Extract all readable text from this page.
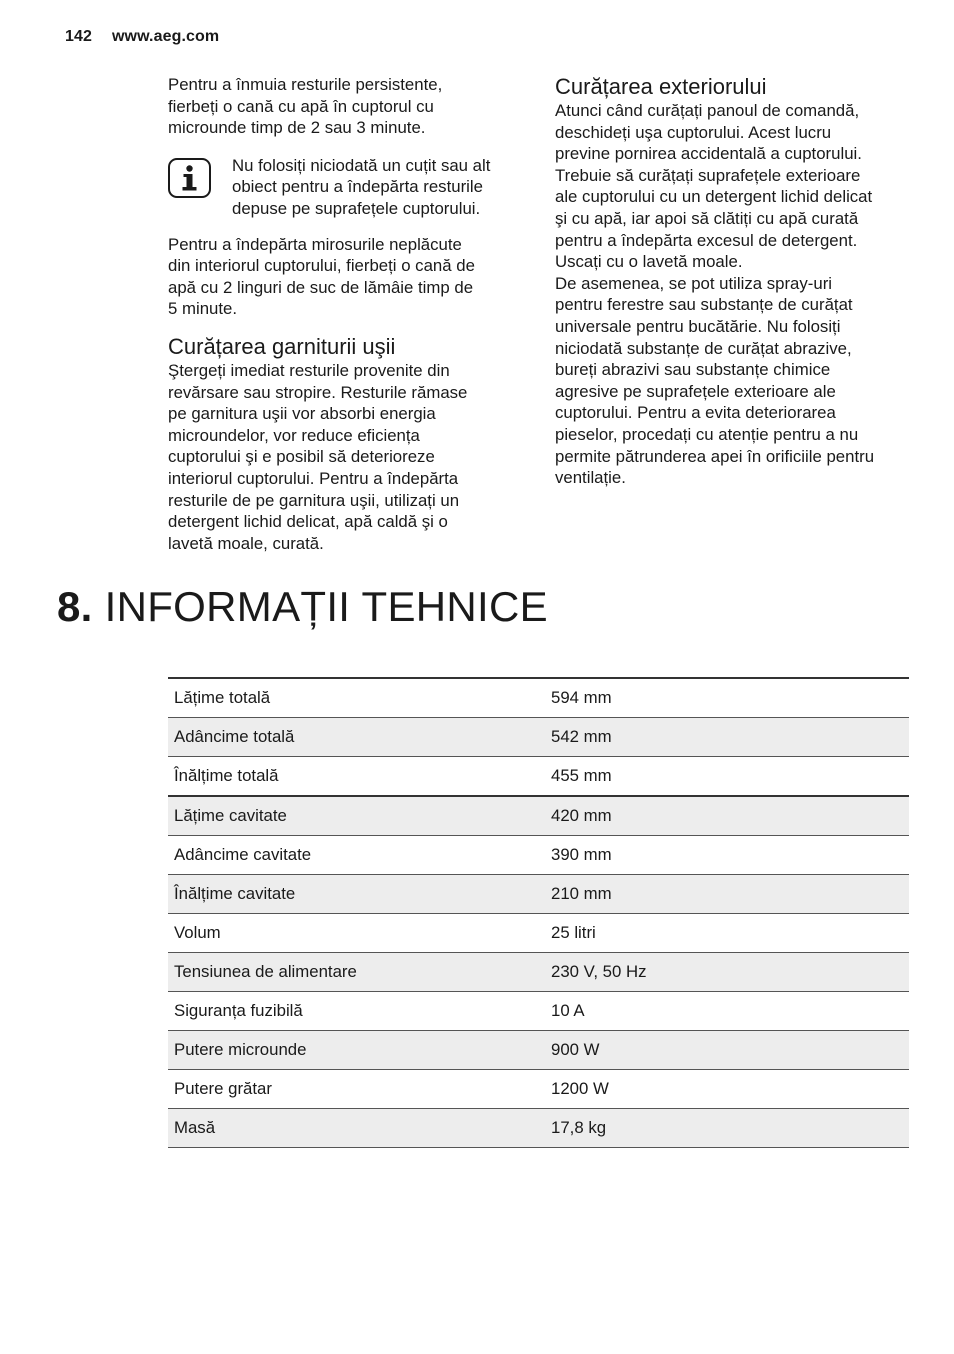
142 www.aeg.com

Pentru a înmuia resturile persistente,
fierbeți o cană cu apă în cuptorul cu
microunde timp de 2 sau 3 minute.

Nu folosiți niciodată un cuțit sau alt
obiect pentru a îndepărta resturile
depuse pe suprafețele cuptorului.

Pentru a îndepărta mirosurile neplăcute
din interiorul cuptorului, fierbeți o cană de
apă cu 2 linguri de suc de lămâie timp de
5 minute.

Curățarea garniturii uşii

Ştergeți imediat resturile provenite din
revărsare sau stropire. Resturile rămase
pe garnitura uşii vor absorbi energia
microundelor, vor reduce eficiența
cuptorului şi e posibil să deterioreze
interiorul cuptorului. Pentru a îndepărta
resturile de pe garnitura uşii, utilizați un
detergent lichid delicat, apă caldă şi o
lavetă moale, curată.

Curățarea exteriorului

Atunci când curățați panoul de comandă,
deschideți uşa cuptorului. Acest lucru
previne pornirea accidentală a cuptorului.
Trebuie să curățați suprafețele exterioare
ale cuptorului cu un detergent lichid delicat
şi cu apă, iar apoi să clătiți cu apă curată
pentru a îndepărta excesul de detergent.
Uscați cu o lavetă moale.
De asemenea, se pot utiliza spray-uri
pentru ferestre sau substanțe de curățat
universale pentru bucătărie. Nu folosiți
niciodată substanțe de curățat abrazive,
bureți abrazivi sau substanțe chimice
agresive pe suprafețele exterioare ale
cuptorului. Pentru a evita deteriorarea
pieselor, procedați cu atenție pentru a nu
permite pătrunderea apei în orificiile pentru
ventilație.

8. INFORMAȚII TEHNICE
Lățime totală	594 mm
Adâncime totală	542 mm
Înălțime totală	455 mm
Lățime cavitate	420 mm
Adâncime cavitate	390 mm
Înălțime cavitate	210 mm
Volum	25 litri
Tensiunea de alimentare	230 V, 50 Hz
Siguranța fuzibilă	10 A
Putere microunde	900 W
Putere grătar	1200 W
Masă	17,8 kg
